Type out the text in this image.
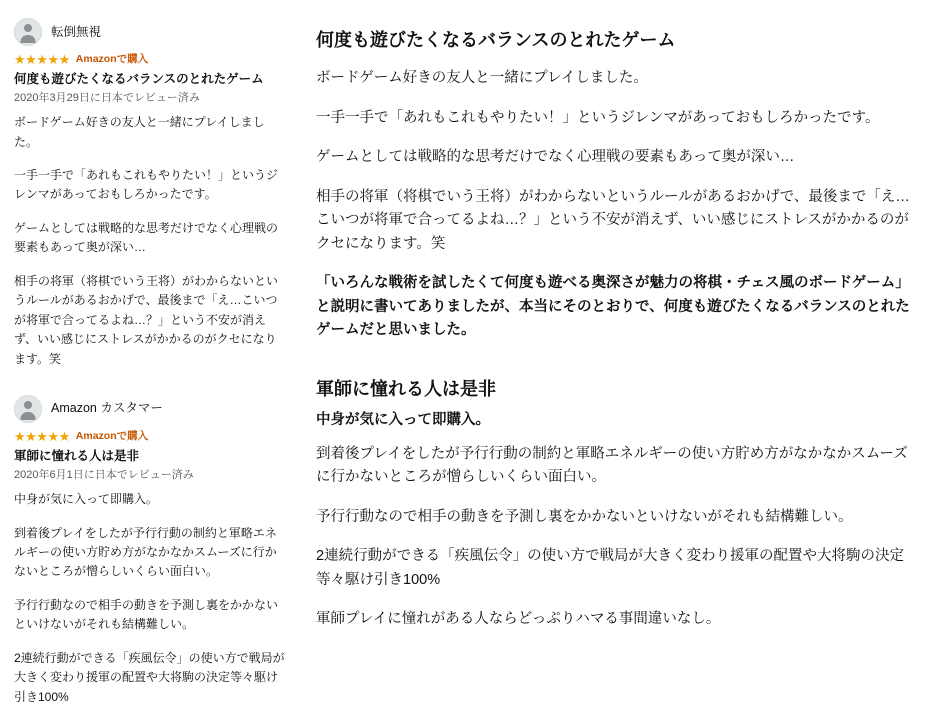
転倒無視
★★★★★ Amazonで購入
何度も遊びたくなるバランスのとれたゲーム
2020年3月29日に日本でレビュー済み

ボードゲーム好きの友人と一緒にプレイしました。

一手一手で「あれもこれもやりたい！」というジレンマがあっておもしろかったです。

ゲームとしては戦略的な思考だけでなく心理戦の要素もあって奥が深い…

相手の将軍（将棋でいう王将）がわからないというルールがあるおかげで、最後まで「え…こいつが将軍で合ってるよね…？」という不安が消えず、いい感じにストレスがかかるのがクセになります。笑

Amazon カスタマー
★★★★★ Amazonで購入
軍師に憧れる人は是非
2020年6月1日に日本でレビュー済み

中身が気に入って即購入。

到着後プレイをしたが予行行動の制約と軍略エネルギーの使い方貯め方がなかなかスムーズに行かないところが憎らしいくらい面白い。

予行行動なので相手の動きを予測し裏をかかないといけないがそれも結構難しい。

2連続行動ができる「疾風伝令」の使い方で戦局が大きく変わり援軍の配置や大将駒の決定等々駆け引き100%

何度も遊びたくなるバランスのとれたゲーム

ボードゲーム好きの友人と一緒にプレイしました。

一手一手で「あれもこれもやりたい！」というジレンマがあっておもしろかったです。

ゲームとしては戦略的な思考だけでなく心理戦の要素もあって奥が深い…

相手の将軍（将棋でいう王将）がわからないというルールがあるおかげで、最後まで「え…こいつが将軍で合ってるよね…？」という不安が消えず、いい感じにストレスがかかるのがクセになります。笑

「いろんな戦術を試したくて何度も遊べる奥深さが魅力の将棋・チェス風のボードゲーム」と説明に書いてありましたが、本当にそのとおりで、何度も遊びたくなるバランスのとれたゲームだと思いました。

軍師に憧れる人は是非
中身が気に入って即購入。

到着後プレイをしたが予行行動の制約と軍略エネルギーの使い方貯め方がなかなかスムーズに行かないところが憎らしいくらい面白い。

予行行動なので相手の動きを予測し裏をかかないといけないがそれも結構難しい。

2連続行動ができる「疾風伝令」の使い方で戦局が大きく変わり援軍の配置や大将駒の決定等々駆け引き100%

軍師プレイに憧れがある人ならどっぷりハマる事間違いなし。
